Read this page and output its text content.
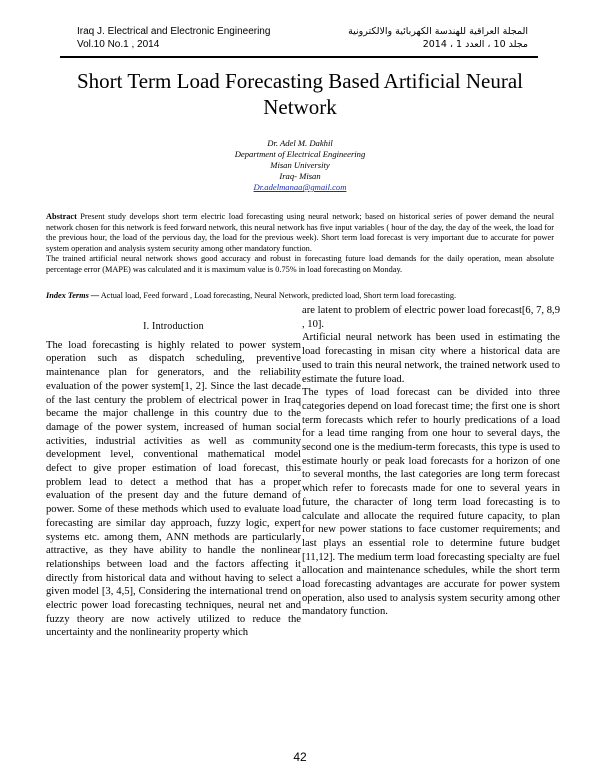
Iraq J. Electrical and Electronic Engineering
Vol.10 No.1 , 2014
المجلة العراقية للهندسة الكهربائية والالكترونية
مجلد 10 ، العدد 1 ، 2014
Short Term Load Forecasting Based Artificial Neural Network
Dr. Adel M. Dakhil
Department of Electrical Engineering
Misan University
Iraq- Misan
Dr.adelmanaa@gmail.com

Abstract Present study develops short term electric load forecasting using neural network; based on historical series of power demand the neural network chosen for this network is feed forward network, this neural network has five input variables ( hour of the day, the day of the week, the load for the previous hour, the load of the pervious day, the load for the previous week). Short term load forecast is very important due to accurate for power system operation and analysis system security among other mandatory function.

The trained artificial neural network shows good accuracy and robust in forecasting future load demands for the daily operation, mean absolute percentage error (MAPE) was calculated and it is maximum value is 0.75% in load forecasting on Monday.

Index Terms — Actual load, Feed forward , Load forecasting, Neural Network, predicted load, Short term load forecasting.
I. Introduction

The load forecasting is highly related to power system operation such as dispatch scheduling, preventive maintenance plan for generators, and the reliability evaluation of the power system[1, 2]. Since the last decade of the last century the problem of electrical power in Iraq became the major challenge in this country due to the damage of the power system, increased of human social activities, industrial activities as well as community development level, conventional mathematical model defect to give proper estimation of load forecast, this problem lead to detect a method that has a proper evaluation of the present day and the future demand of power. Some of these methods which used to evaluate load forecasting are similar day approach, fuzzy logic, expert systems etc. among them, ANN methods are particularly attractive, as they have ability to handle the nonlinear relationships between load and the factors affecting it directly from historical data and without having to select a given model [3, 4,5], Considering the international trend on electric power load forecasting techniques, neural net and fuzzy theory are now actively utilized to reduce the uncertainty and the nonlinearity property which

are latent to problem of electric power load forecast[6, 7, 8,9 , 10].

Artificial neural network has been used in estimating the load forecasting in misan city where a historical data are used to train this neural network, the trained network used to estimate the future load.

The types of load forecast can be divided into three categories depend on load forecast time; the first one is short term forecasts which refer to hourly predications of a load for a lead time ranging from one hour to several days, the second one is the medium-term forecasts, this type is used to estimate hourly or peak load forecasts for a horizon of one to several months, the last categories are long term forecast which refer to forecasts made for one to several years in future, the character of long term load forecasting is to calculate and allocate the required future capacity, to plan for new power stations to face customer requirements; and last plays an essential role to determine future budget [11,12]. The medium term load forecasting specialty are fuel allocation and maintenance schedules, while the short term load forecasting advantages are accurate for power system operation, also used to analysis system security among other mandatory function.

42
